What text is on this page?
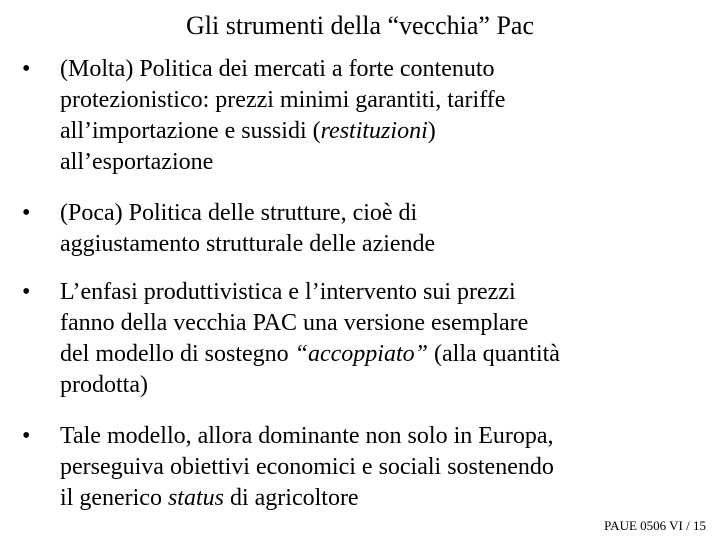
Gli strumenti della “vecchia” Pac
• (Molta) Politica dei mercati a forte contenuto
protezionistico: prezzi minimi garantiti, tariffe
all’importazione e sussidi (restituzioni)
all’esportazione
• (Poca) Politica delle strutture, cioè di
aggiustamento strutturale delle aziende
• L’enfasi produttivistica e l’intervento sui prezzi
fanno della vecchia PAC una versione esemplare
del modello di sostegno “accoppiato” (alla quantità
prodotta)
• Tale modello, allora dominante non solo in Europa,
perseguiva obiettivi economici e sociali sostenendo
il generico status di agricoltore
PAUE 0506 VI / 15
